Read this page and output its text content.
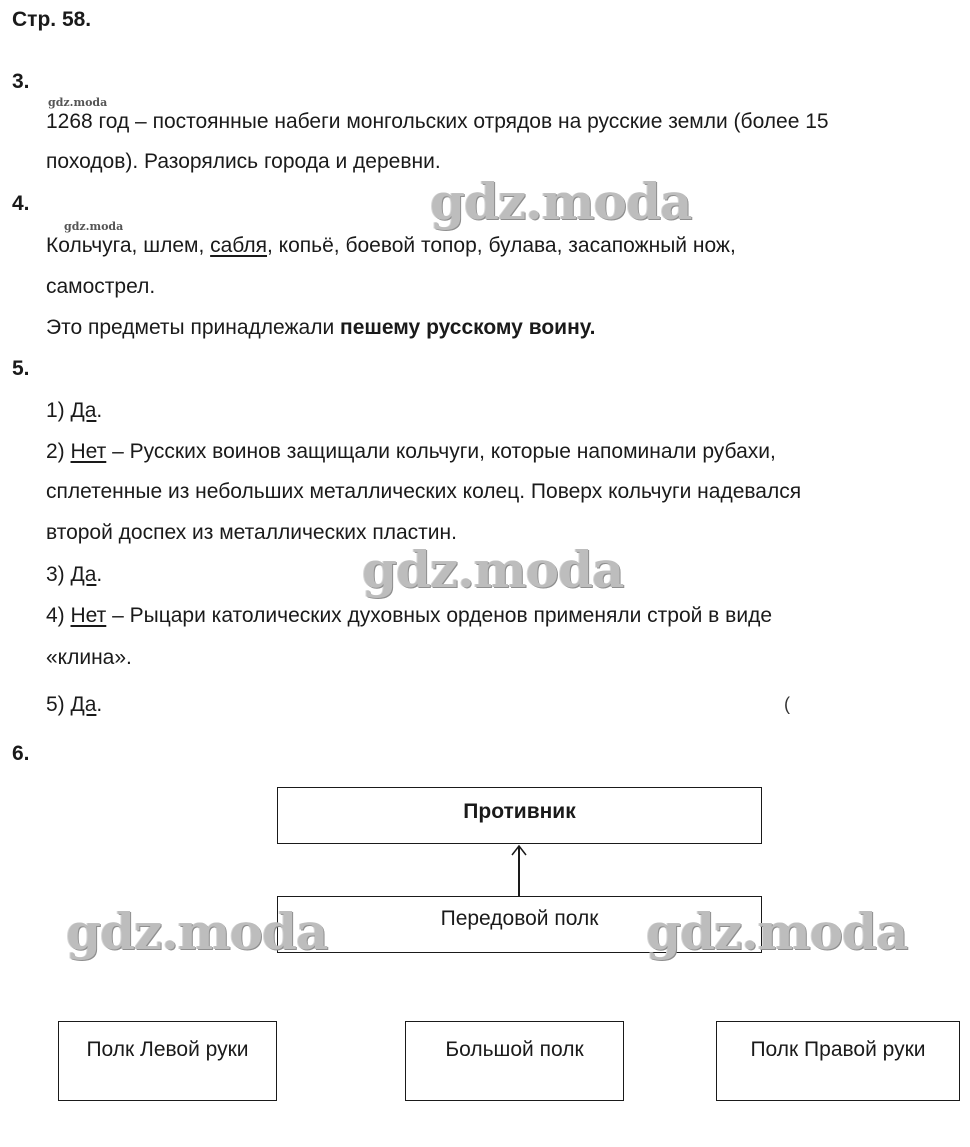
Стр. 58.
3.
gdz.moda
1268 год – постоянные набеги монгольских отрядов на русские земли (более 15
походов). Разорялись города и деревни.
4.	gdz.moda
gdz.moda
Кольчуга, шлем, сабля, копьё, боевой топор, булава, засапожный нож,
самострел.
Это предметы принадлежали пешему русскому воину.
5.
1) Да.
2) Нет – Русских воинов защищали кольчуги, которые напоминали рубахи,
сплетенные из небольших металлических колец. Поверх кольчуги надевался
второй доспех из металлических пластин.
gdz.moda
3) Да.
4) Нет – Рыцари католических духовных орденов применяли строй в виде
«клина».
5) Да.	(
6.
Противник
Передовой полк
gdz.moda	gdz.moda
Полк Левой руки	Большой полк	Полк Правой руки
